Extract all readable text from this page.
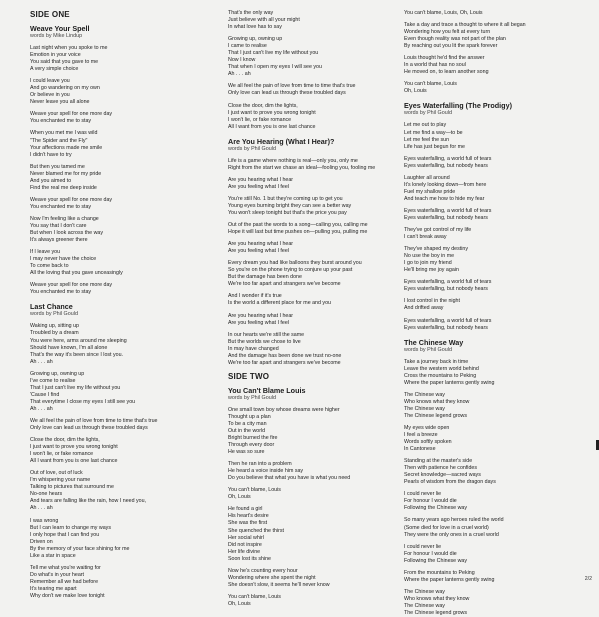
SIDE ONE
Weave Your Spell
words by Mike Lindup
Last night when you spoke to me
Emotion in your voice
You said that you gave to me
A very simple choice
I could leave you
And go wandering on my own
Or believe in you
Never leave you all alone
Weave your spell for one more day
You enchanted me to stay
When you met me I was wild
"The Spider and the Fly"
Your affections made me smile
I didn't have to try
But then you tamed me
Never blamed me for my pride
And you aimed to
Find the real me deep inside
Weave your spell for one more day
You enchanted me to stay
Now I'm feeling like a change
You say that I don't care
But when I look across the way
It's always greener there
If I leave you
I may never have the choice
To come back to
All the loving that you gave unceasingly
Weave your spell for one more day
You enchanted me to stay
Last Chance
words by Phil Gould
Waking up, sitting up
Troubled by a dream
You were here, arms around me sleeping
Should have known, I'm all alone
That's the way it's been since I lost you.
Ah . . . ah
Growing up, owning up
I've come to realise
That I just can't live my life without you
'Cause I find
That everytime I close my eyes I still see you
Ah . . . ah
We all feel the pain of love from time to time that's true
Only love can lead us through these troubled days
Close the door, dim the lights,
I just want to prove you wrong tonight
I won't lie, or fake romance
All I want from you is one last chance
Out of love, out of luck
I'm whispering your name
Talking to pictures that surround me
No-one hears
And tears are falling like the rain, how I need you,
Ah . . . ah
I was wrong
But I can learn to change my ways
I only hope that I can find you
Driven on
By the memory of your face shining for me
Like a star in space
Tell me what you're waiting for
Do what's in your heart
Remember all we had before
It's tearing me apart
Why don't we make love tonight
That's the only way
Just believe with all your might
In what love has to say
Growing up, owning up
I came to realise
That I just can't live my life without you
Now I know
That when I open my eyes I will see you
Ah . . . ah
We all feel the pain of love from time to time that's true
Only love can lead us through these troubled days
Close the door, dim the lights,
I just want to prove you wrong tonight
I won't lie, or fake romance
All I want from you is one last chance
Are You Hearing (What I Hear)?
words by Phil Gould
Life is a game where nothing is real—only you, only me
Right from the start we chase an ideal—fooling you, fooling me
Are you hearing what I hear
Are you feeling what I feel
You're still No. 1 but they're coming up to get you
Young eyes burning bright they can see a better way
You won't sleep tonight but that's the price you pay
Out of the past the words to a song—calling you, calling me
Hope it will last but time pushes on—pulling you, pulling me
Are you hearing what I hear
Are you feeling what I feel
Every dream you had like balloons they burst around you
So you're on the phone trying to conjure up your past
But the damage has been done
We're too far apart and strangers we've become
And I wonder if it's true
Is the world a different place for me and you
Are you hearing what I hear
Are you feeling what I feel
In our hearts we're still the same
But the worlds we chose to live
In may have changed
And the damage has been done we trust no-one
We're too far apart and strangers we've become
SIDE TWO
You Can't Blame Louis
words by Phil Gould
One small town boy whose dreams were higher
Thought up a plan
To be a city man
Out in the world
Bright burned the fire
Through every door
He was so sure
Then he ran into a problem
He heard a voice inside him say
Do you believe that what you have is what you need
You can't blame, Louis
Oh, Louis
He found a girl
His heart's desire
She was the first
She quenched the thirst
Her social whirl
Did not inspire
Her life divine
Soon lost its shine
Now he's counting every hour
Wondering where she spent the night
She doesn't slow, it seems he'll never know
You can't blame, Louis
Oh, Louis
You can't blame, Louis, Oh, Louis
Take a day and trace a thought to where it all began
Wondering how you felt at every turn
Even though reality was not part of the plan
By reaching out you lit the spark forever
Louis thought he'd find the answer
In a world that has no soul
He moved on, to learn another song
You can't blame, Louis
Oh, Louis
Eyes Waterfalling (The Prodigy)
words by Phil Gould
Let me out to play
Let me find a way—to be
Let me feel the sun
Life has just begun for me
Eyes waterfalling, a world full of tears
Eyes waterfalling, but nobody hears
Laughter all around
It's lonely looking down—from here
Fuel my shallow pride
And teach me how to hide my fear
Eyes waterfalling, a world full of tears
Eyes waterfalling, but nobody hears
They've got control of my life
I can't break away
They've shaped my destiny
No use the boy in me
I go to join my friend
He'll bring me joy again
Eyes waterfalling, a world full of tears
Eyes waterfalling, but nobody hears
I lost control in the night
And drifted away
Eyes waterfalling, a world full of tears
Eyes waterfalling, but nobody hears
The Chinese Way
words by Phil Gould
Take a journey back in time
Leave the western world behind
Cross the mountains to Peking
Where the paper lanterns gently swing
The Chinese way
Who knows what they know
The Chinese way
The Chinese legend grows
My eyes wide open
I feel a breeze
Words softly spoken
In Cantonese
Standing at the master's side
Then with patience he confides
Secret knowledge—sacred ways
Pearls of wisdom from the dragon days
I could never lie
For honour I would die
Following the Chinese way
So many years ago heroes ruled the world
(Some died for love in a cruel world)
They were the only ones in a cruel world
I could never lie
For honour I would die
Following the Chinese way
From the mountains to Peking
Where the paper lanterns gently swing
The Chinese way
Who knows what they know
The Chinese way
The Chinese legend grows
2/2
